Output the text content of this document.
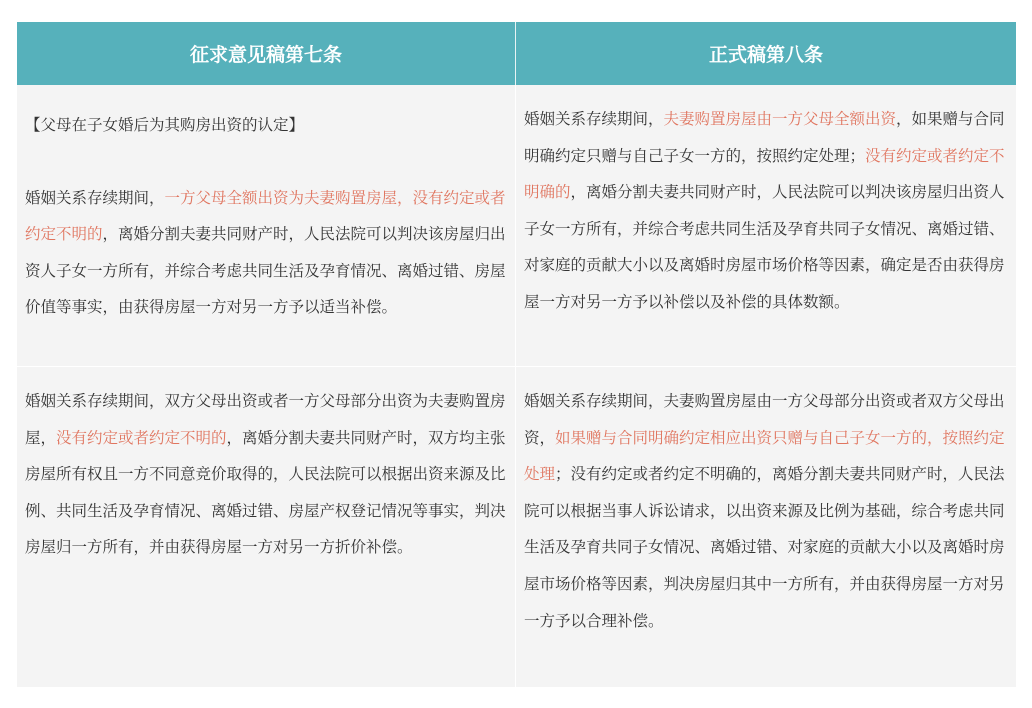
征求意见稿第七条	正式稿第八条
【父母在子女婚后为其购房出资的认定】
婚姻关系存续期间，一方父母全额出资为夫妻购置房屋，没有约定或者约定不明的，离婚分割夫妻共同财产时，人民法院可以判决该房屋归出资人子女一方所有，并综合考虑共同生活及孕育情况、离婚过错、房屋价值等事实，由获得房屋一方对另一方予以适当补偿。
婚姻关系存续期间，夫妻购置房屋由一方父母全额出资，如果赠与合同明确约定只赠与自己子女一方的，按照约定处理；没有约定或者约定不明确的，离婚分割夫妻共同财产时，人民法院可以判决该房屋归出资人子女一方所有，并综合考虑共同生活及孕育共同子女情况、离婚过错、对家庭的贡献大小以及离婚时房屋市场价格等因素，确定是否由获得房屋一方对另一方予以补偿以及补偿的具体数额。
婚姻关系存续期间，双方父母出资或者一方父母部分出资为夫妻购置房屋，没有约定或者约定不明的，离婚分割夫妻共同财产时，双方均主张房屋所有权且一方不同意竞价取得的，人民法院可以根据出资来源及比例、共同生活及孕育情况、离婚过错、房屋产权登记情况等事实，判决房屋归一方所有，并由获得房屋一方对另一方折价补偿。
婚姻关系存续期间，夫妻购置房屋由一方父母部分出资或者双方父母出资，如果赠与合同明确约定相应出资只赠与自己子女一方的，按照约定处理；没有约定或者约定不明确的，离婚分割夫妻共同财产时，人民法院可以根据当事人诉讼请求，以出资来源及比例为基础，综合考虑共同生活及孕育共同子女情况、离婚过错、对家庭的贡献大小以及离婚时房屋市场价格等因素，判决房屋归其中一方所有，并由获得房屋一方对另一方予以合理补偿。
